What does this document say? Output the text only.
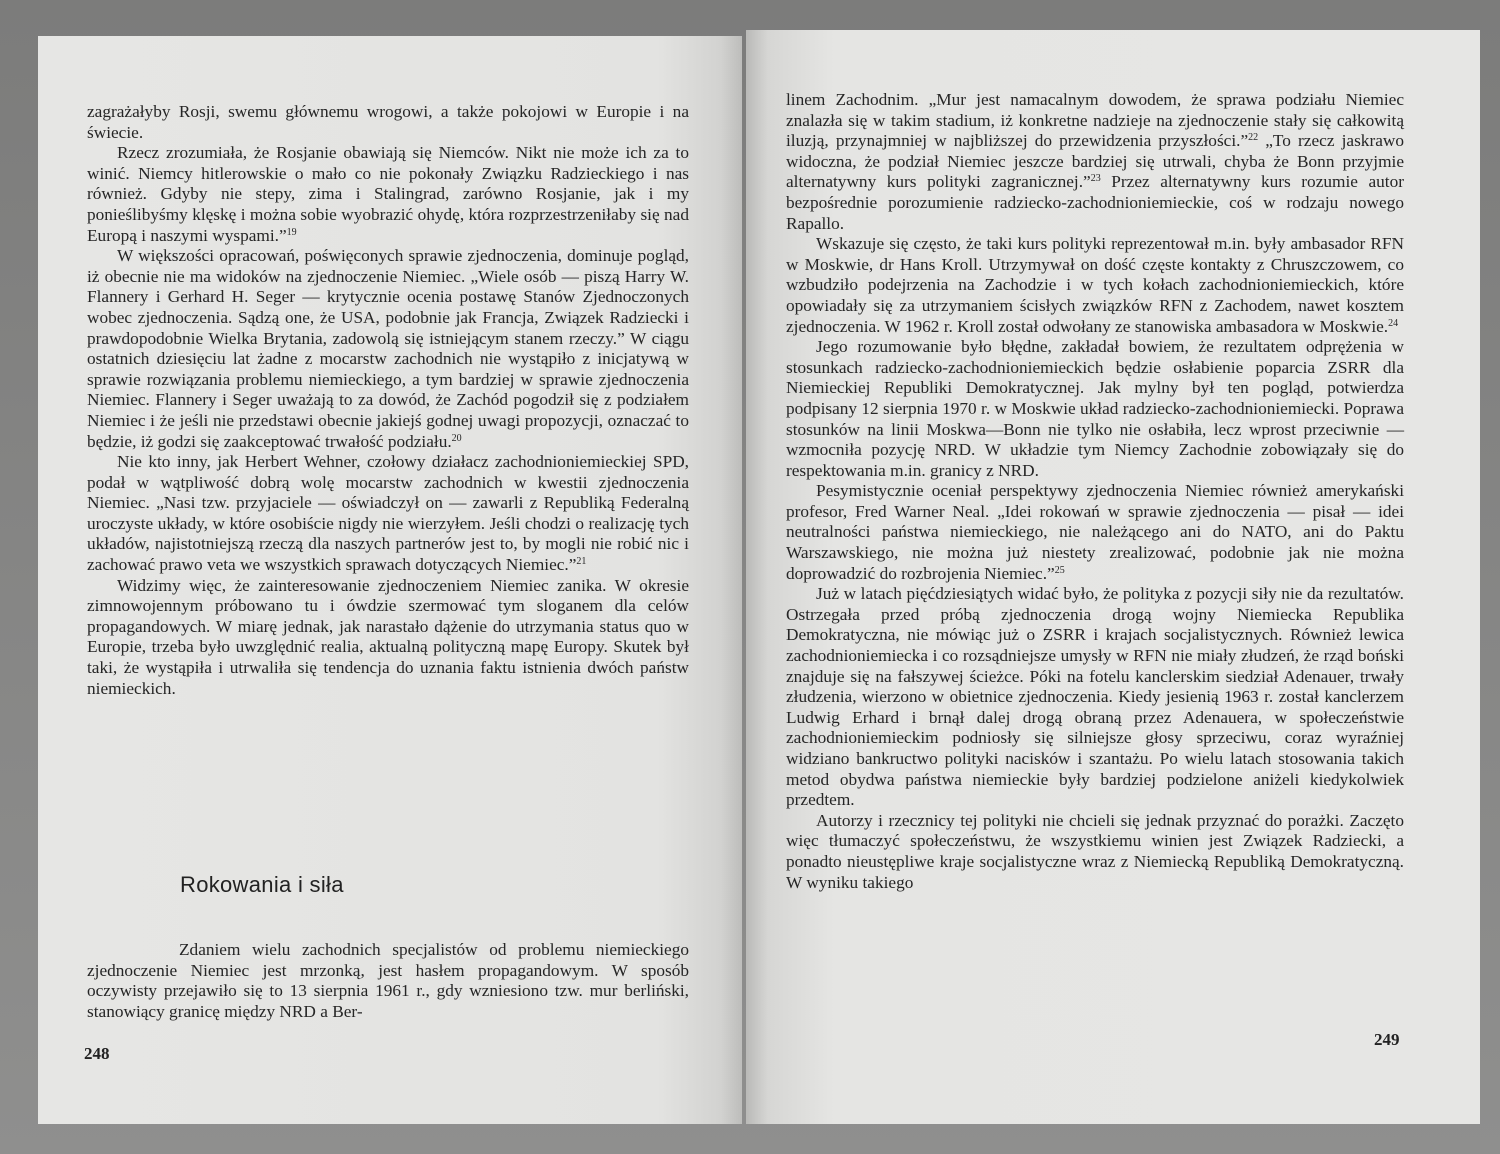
zagrażałyby Rosji, swemu głównemu wrogowi, a także pokojowi w Europie i na świecie.

Rzecz zrozumiała, że Rosjanie obawiają się Niemców. Nikt nie może ich za to winić. Niemcy hitlerowskie o mało co nie pokonały Związku Radzieckiego i nas również. Gdyby nie stepy, zima i Stalingrad, zarówno Rosjanie, jak i my ponieślibyśmy klęskę i można sobie wyobrazić ohydę, która rozprzestrzeniłaby się nad Europą i naszymi wyspami.”$^{19}$

W większości opracowań, poświęconych sprawie zjednoczenia, dominuje pogląd, iż obecnie nie ma widoków na zjednoczenie Niemiec. „Wiele osób — piszą Harry W. Flannery i Gerhard H. Seger — krytycznie ocenia postawę Stanów Zjednoczonych wobec zjednoczenia. Sądzą one, że USA, podobnie jak Francja, Związek Radziecki i prawdopodobnie Wielka Brytania, zadowolą się istniejącym stanem rzeczy.” W ciągu ostatnich dziesięciu lat żadne z mocarstw zachodnich nie wystąpiło z inicjatywą w sprawie rozwiązania problemu niemieckiego, a tym bardziej w sprawie zjednoczenia Niemiec. Flannery i Seger uważają to za dowód, że Zachód pogodził się z podziałem Niemiec i że jeśli nie przedstawi obecnie jakiejś godnej uwagi propozycji, oznaczać to będzie, iż godzi się zaakceptować trwałość podziału.$^{20}$

Nie kto inny, jak Herbert Wehner, czołowy działacz zachodnioniemieckiej SPD, podał w wątpliwość dobrą wolę mocarstw zachodnich w kwestii zjednoczenia Niemiec. „Nasi tzw. przyjaciele — oświadczył on — zawarli z Republiką Federalną uroczyste układy, w które osobiście nigdy nie wierzyłem. Jeśli chodzi o realizację tych układów, najistotniejszą rzeczą dla naszych partnerów jest to, by mogli nie robić nic i zachować prawo veta we wszystkich sprawach dotyczących Niemiec.”$^{21}$

Widzimy więc, że zainteresowanie zjednoczeniem Niemiec zanika. W okresie zimnowojennym próbowano tu i ówdzie szermować tym sloganem dla celów propagandowych. W miarę jednak, jak narastało dążenie do utrzymania status quo w Europie, trzeba było uwzględnić realia, aktualną polityczną mapę Europy. Skutek był taki, że wystąpiła i utrwaliła się tendencja do uznania faktu istnienia dwóch państw niemieckich.

Rokowania i siła

Zdaniem wielu zachodnich specjalistów od problemu niemieckiego zjednoczenie Niemiec jest mrzonką, jest hasłem propagandowym. W sposób oczywisty przejawiło się to 13 sierpnia 1961 r., gdy wzniesiono tzw. mur berliński, stanowiący granicę między NRD a Ber-

248

linem Zachodnim. „Mur jest namacalnym dowodem, że sprawa podziału Niemiec znalazła się w takim stadium, iż konkretne nadzieje na zjednoczenie stały się całkowitą iluzją, przynajmniej w najbliższej do przewidzenia przyszłości.”$^{22}$ „To rzecz jaskrawo widoczna, że podział Niemiec jeszcze bardziej się utrwali, chyba że Bonn przyjmie alternatywny kurs polityki zagranicznej.”$^{23}$ Przez alternatywny kurs rozumie autor bezpośrednie porozumienie radziecko-zachodnioniemieckie, coś w rodzaju nowego Rapallo.

Wskazuje się często, że taki kurs polityki reprezentował m.in. były ambasador RFN w Moskwie, dr Hans Kroll. Utrzymywał on dość częste kontakty z Chruszczowem, co wzbudziło podejrzenia na Zachodzie i w tych kołach zachodnioniemieckich, które opowiadały się za utrzymaniem ścisłych związków RFN z Zachodem, nawet kosztem zjednoczenia. W 1962 r. Kroll został odwołany ze stanowiska ambasadora w Moskwie.$^{24}$

Jego rozumowanie było błędne, zakładał bowiem, że rezultatem odprężenia w stosunkach radziecko-zachodnioniemieckich będzie osłabienie poparcia ZSRR dla Niemieckiej Republiki Demokratycznej. Jak mylny był ten pogląd, potwierdza podpisany 12 sierpnia 1970 r. w Moskwie układ radziecko-zachodnioniemiecki. Poprawa stosunków na linii Moskwa—Bonn nie tylko nie osłabiła, lecz wprost przeciwnie — wzmocniła pozycję NRD. W układzie tym Niemcy Zachodnie zobowiązały się do respektowania m.in. granicy z NRD.

Pesymistycznie oceniał perspektywy zjednoczenia Niemiec również amerykański profesor, Fred Warner Neal. „Idei rokowań w sprawie zjednoczenia — pisał — idei neutralności państwa niemieckiego, nie należącego ani do NATO, ani do Paktu Warszawskiego, nie można już niestety zrealizować, podobnie jak nie można doprowadzić do rozbrojenia Niemiec.”$^{25}$

Już w latach pięćdziesiątych widać było, że polityka z pozycji siły nie da rezultatów. Ostrzegała przed próbą zjednoczenia drogą wojny Niemiecka Republika Demokratyczna, nie mówiąc już o ZSRR i krajach socjalistycznych. Również lewica zachodnioniemiecka i co rozsądniejsze umysły w RFN nie miały złudzeń, że rząd boński znajduje się na fałszywej ścieżce. Póki na fotelu kanclerskim siedział Adenauer, trwały złudzenia, wierzono w obietnice zjednoczenia. Kiedy jesienią 1963 r. został kanclerzem Ludwig Erhard i brnął dalej drogą obraną przez Adenauera, w społeczeństwie zachodnioniemieckim podniosły się silniejsze głosy sprzeciwu, coraz wyraźniej widziano bankructwo polityki nacisków i szantażu. Po wielu latach stosowania takich metod obydwa państwa niemieckie były bardziej podzielone aniżeli kiedykolwiek przedtem.

Autorzy i rzecznicy tej polityki nie chcieli się jednak przyznać do porażki. Zaczęto więc tłumaczyć społeczeństwu, że wszystkiemu winien jest Związek Radziecki, a ponadto nieustępliwe kraje socjalistyczne wraz z Niemiecką Republiką Demokratyczną. W wyniku takiego

249
